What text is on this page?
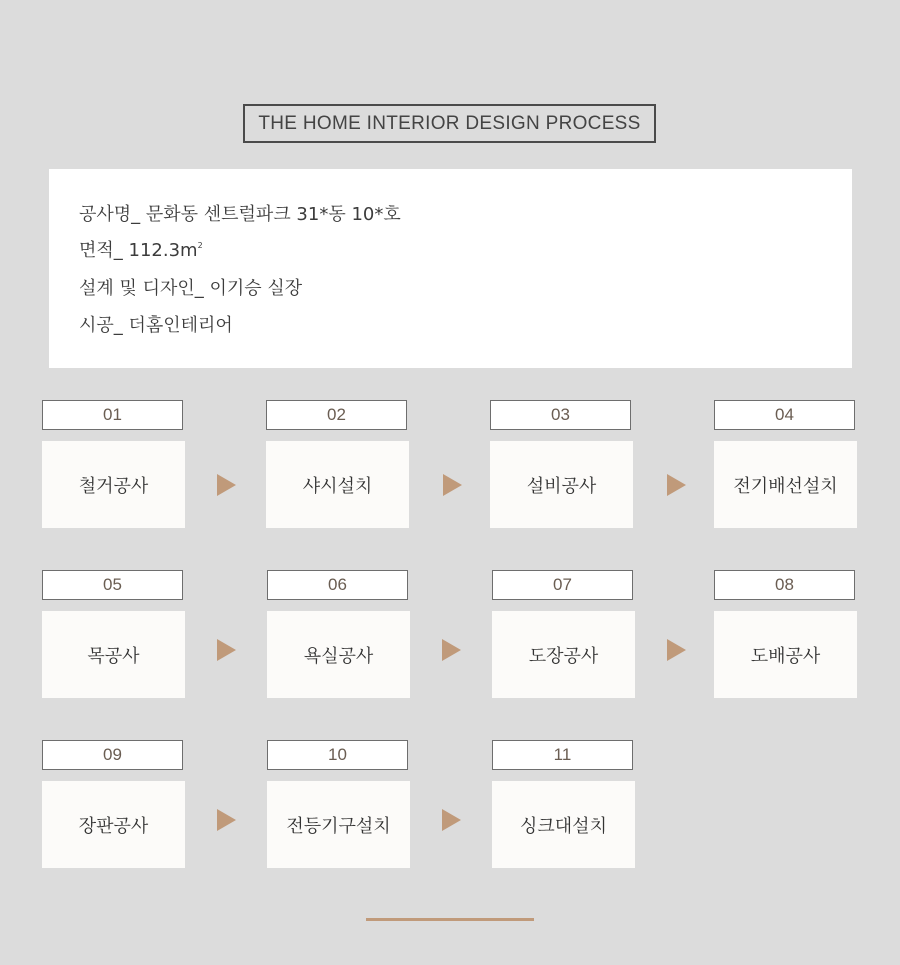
THE HOME INTERIOR DESIGN PROCESS
공사명_ 문화동 센트럴파크 31*동 10*호
면적_ $112.3m^2$
설계 및 디자인_ 이기승 실장
시공_ 더홈인테리어
01
철거공사
02
샤시설치
03
설비공사
04
전기배선설치
05
목공사
06
욕실공사
07
도장공사
08
도배공사
09
장판공사
10
전등기구설치
11
싱크대설치
